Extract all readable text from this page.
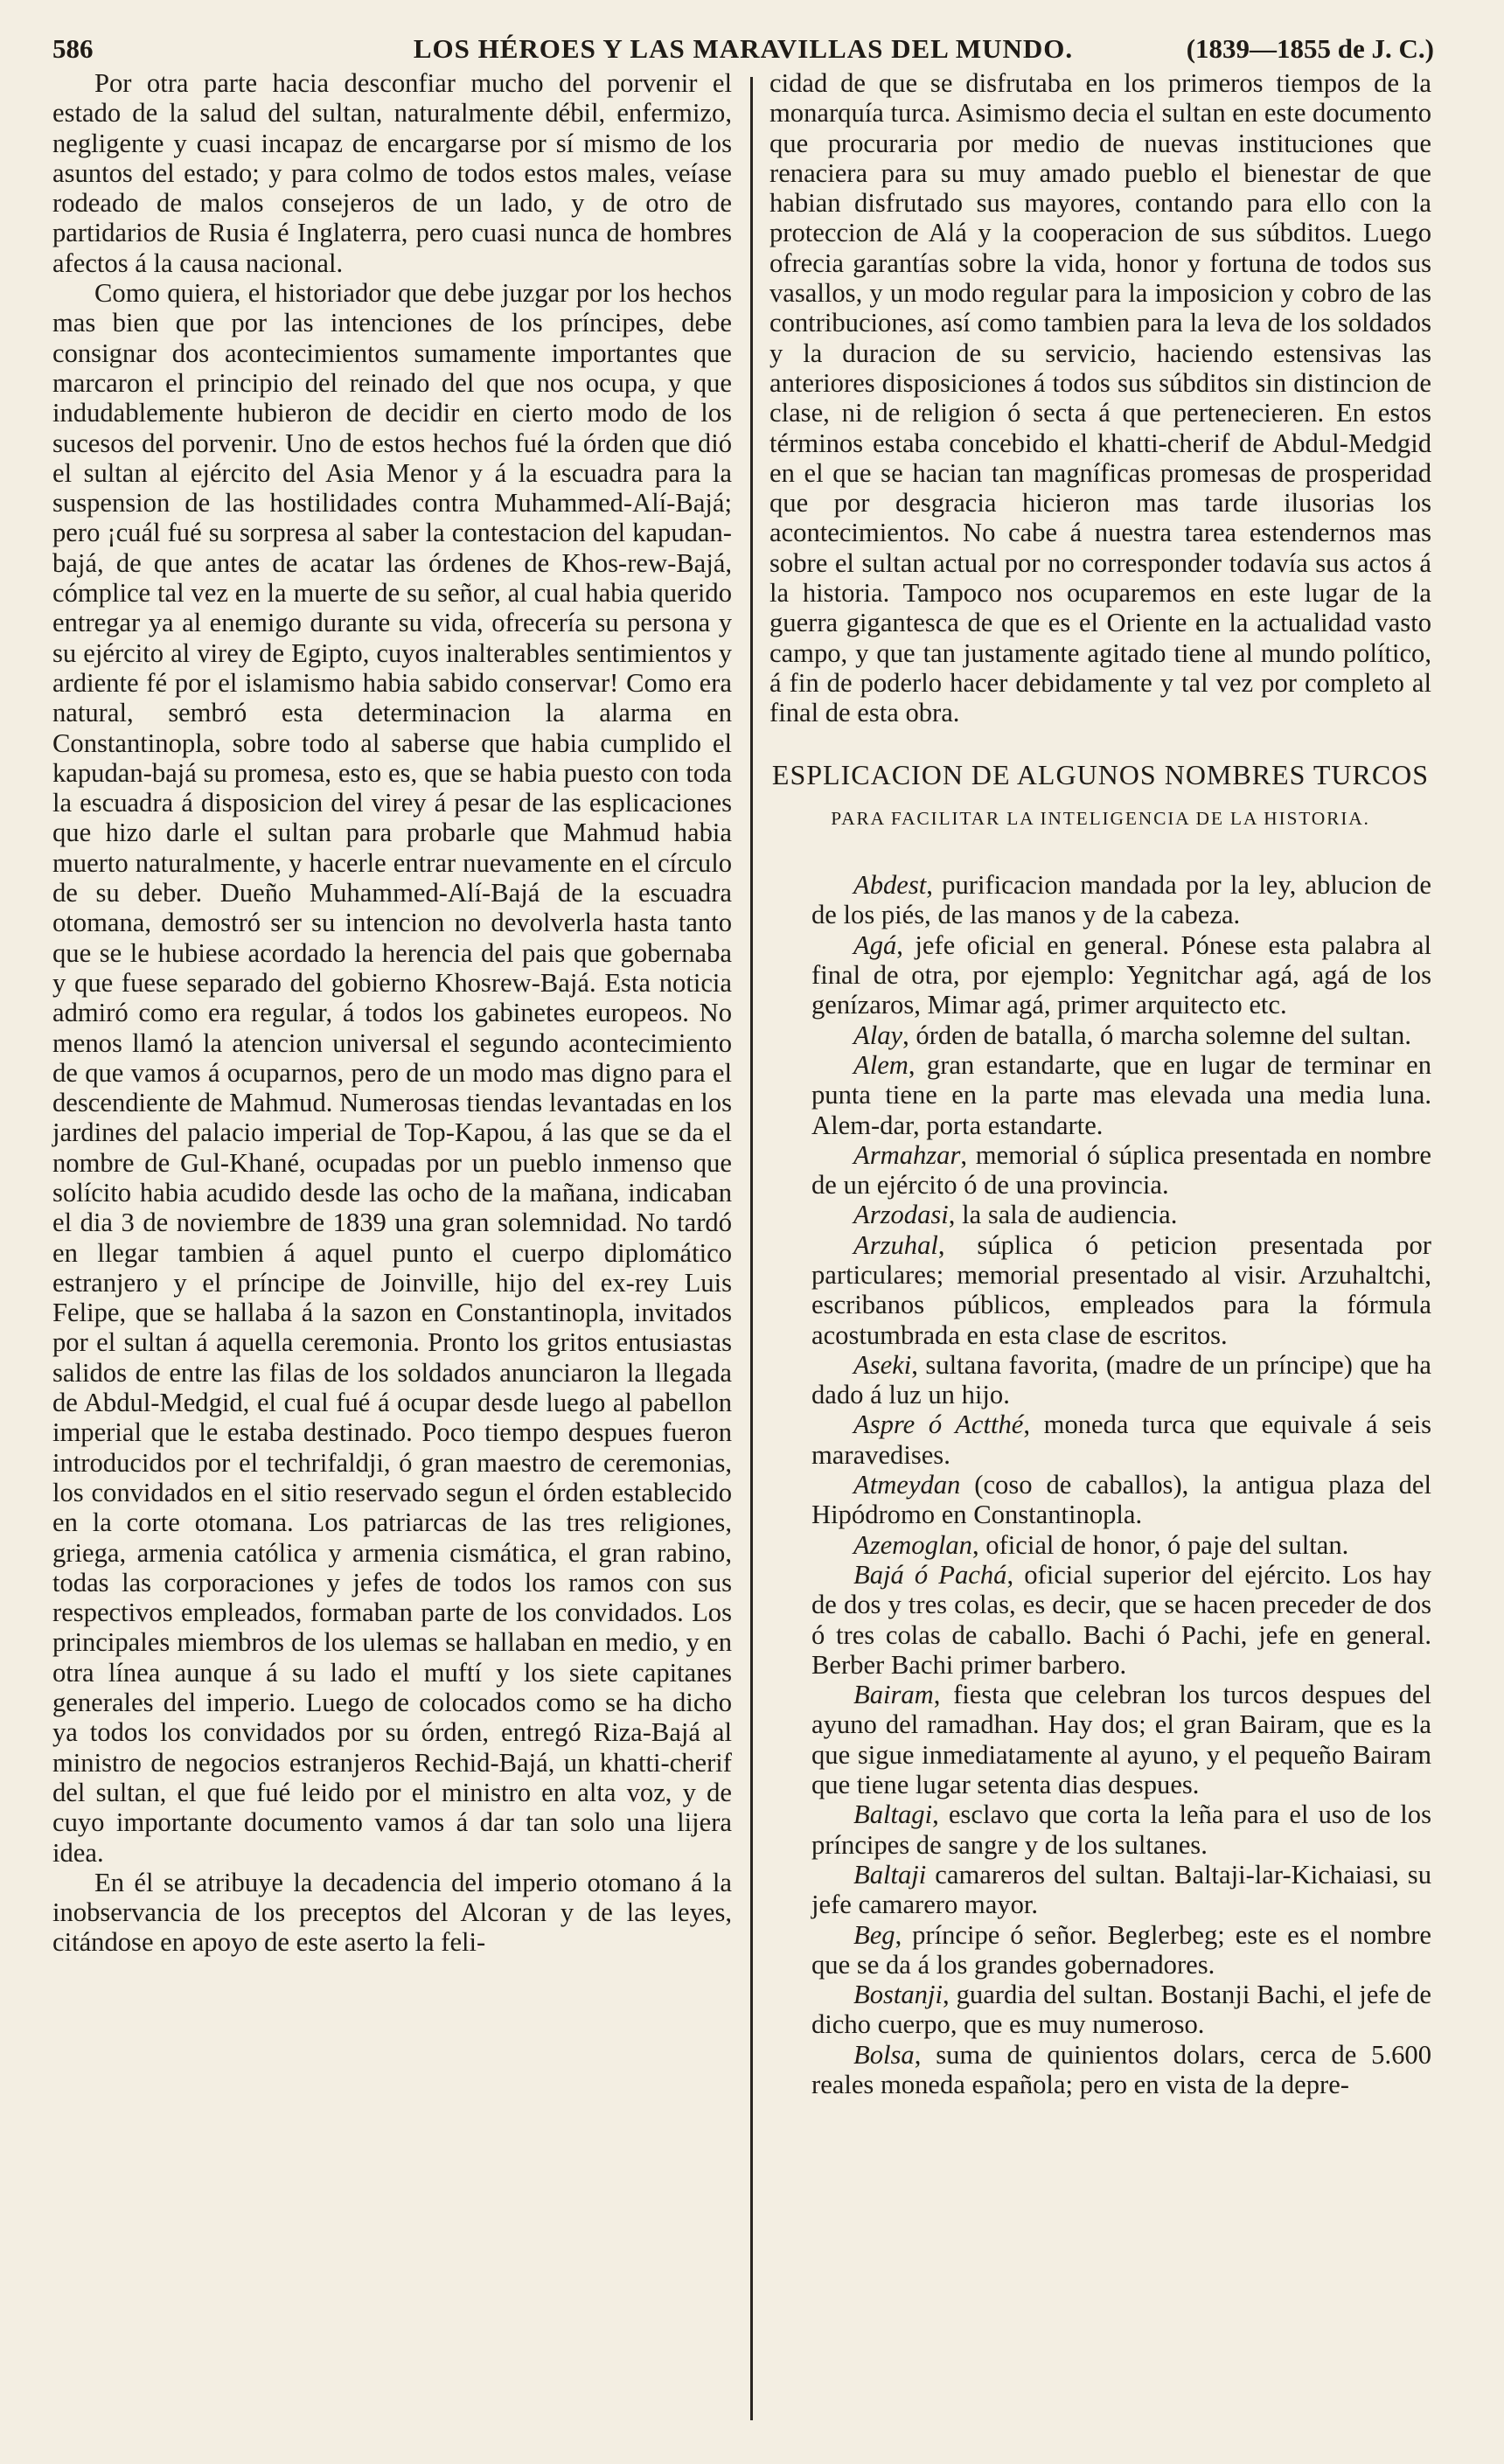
586	LOS HÉROES Y LAS MARAVILLAS DEL MUNDO.	(1839—1855 de J. C.)

Por otra parte hacia desconfiar mucho del porvenir el estado de la salud del sultan, naturalmente débil, enfermizo, negligente y cuasi incapaz de encargarse por sí mismo de los asuntos del estado; y para colmo de todos estos males, veíase rodeado de malos consejeros de un lado, y de otro de partidarios de Rusia é Inglaterra, pero cuasi nunca de hombres afectos á la causa nacional.

Como quiera, el historiador que debe juzgar por los hechos mas bien que por las intenciones de los príncipes, debe consignar dos acontecimientos sumamente importantes que marcaron el principio del reinado del que nos ocupa, y que indudablemente hubieron de decidir en cierto modo de los sucesos del porvenir. Uno de estos hechos fué la órden que dió el sultan al ejército del Asia Menor y á la escuadra para la suspension de las hostilidades contra Muhammed-Alí-Bajá; pero ¡cuál fué su sorpresa al saber la contestacion del kapudan-bajá, de que antes de acatar las órdenes de Khos-rew-Bajá, cómplice tal vez en la muerte de su señor, al cual habia querido entregar ya al enemigo durante su vida, ofrecería su persona y su ejército al virey de Egipto, cuyos inalterables sentimientos y ardiente fé por el islamismo habia sabido conservar! Como era natural, sembró esta determinacion la alarma en Constantinopla, sobre todo al saberse que habia cumplido el kapudan-bajá su promesa, esto es, que se habia puesto con toda la escuadra á disposicion del virey á pesar de las esplicaciones que hizo darle el sultan para probarle que Mahmud habia muerto naturalmente, y hacerle entrar nuevamente en el círculo de su deber. Dueño Muhammed-Alí-Bajá de la escuadra otomana, demostró ser su intencion no devolverla hasta tanto que se le hubiese acordado la herencia del pais que gobernaba y que fuese separado del gobierno Khosrew-Bajá. Esta noticia admiró como era regular, á todos los gabinetes europeos. No menos llamó la atencion universal el segundo acontecimiento de que vamos á ocuparnos, pero de un modo mas digno para el descendiente de Mahmud. Numerosas tiendas levantadas en los jardines del palacio imperial de Top-Kapou, á las que se da el nombre de Gul-Khané, ocupadas por un pueblo inmenso que solícito habia acudido desde las ocho de la mañana, indicaban el dia 3 de noviembre de 1839 una gran solemnidad. No tardó en llegar tambien á aquel punto el cuerpo diplomático estranjero y el príncipe de Joinville, hijo del ex-rey Luis Felipe, que se hallaba á la sazon en Constantinopla, invitados por el sultan á aquella ceremonia. Pronto los gritos entusiastas salidos de entre las filas de los soldados anunciaron la llegada de Abdul-Medgid, el cual fué á ocupar desde luego al pabellon imperial que le estaba destinado. Poco tiempo despues fueron introducidos por el techrifaldji, ó gran maestro de ceremonias, los convidados en el sitio reservado segun el órden establecido en la corte otomana. Los patriarcas de las tres religiones, griega, armenia católica y armenia cismática, el gran rabino, todas las corporaciones y jefes de todos los ramos con sus respectivos empleados, formaban parte de los convidados. Los principales miembros de los ulemas se hallaban en medio, y en otra línea aunque á su lado el muftí y los siete capitanes generales del imperio. Luego de colocados como se ha dicho ya todos los convidados por su órden, entregó Riza-Bajá al ministro de negocios estranjeros Rechid-Bajá, un khatti-cherif del sultan, el que fué leido por el ministro en alta voz, y de cuyo importante documento vamos á dar tan solo una lijera idea.

En él se atribuye la decadencia del imperio otomano á la inobservancia de los preceptos del Alcoran y de las leyes, citándose en apoyo de este aserto la feli-

cidad de que se disfrutaba en los primeros tiempos de la monarquía turca. Asimismo decia el sultan en este documento que procuraria por medio de nuevas instituciones que renaciera para su muy amado pueblo el bienestar de que habian disfrutado sus mayores, contando para ello con la proteccion de Alá y la cooperacion de sus súbditos. Luego ofrecia garantías sobre la vida, honor y fortuna de todos sus vasallos, y un modo regular para la imposicion y cobro de las contribuciones, así como tambien para la leva de los soldados y la duracion de su servicio, haciendo estensivas las anteriores disposiciones á todos sus súbditos sin distincion de clase, ni de religion ó secta á que pertenecieren. En estos términos estaba concebido el khatti-cherif de Abdul-Medgid en el que se hacian tan magníficas promesas de prosperidad que por desgracia hicieron mas tarde ilusorias los acontecimientos. No cabe á nuestra tarea estendernos mas sobre el sultan actual por no corresponder todavía sus actos á la historia. Tampoco nos ocuparemos en este lugar de la guerra gigantesca de que es el Oriente en la actualidad vasto campo, y que tan justamente agitado tiene al mundo político, á fin de poderlo hacer debidamente y tal vez por completo al final de esta obra.

ESPLICACION DE ALGUNOS NOMBRES TURCOS

PARA FACILITAR LA INTELIGENCIA DE LA HISTORIA.

Abdest, purificacion mandada por la ley, ablucion de de los piés, de las manos y de la cabeza.

Agá, jefe oficial en general. Pónese esta palabra al final de otra, por ejemplo: Yegnitchar agá, agá de los genízaros, Mimar agá, primer arquitecto etc.

Alay, órden de batalla, ó marcha solemne del sultan.

Alem, gran estandarte, que en lugar de terminar en punta tiene en la parte mas elevada una media luna. Alem-dar, porta estandarte.

Armahzar, memorial ó súplica presentada en nombre de un ejército ó de una provincia.

Arzodasi, la sala de audiencia.

Arzuhal, súplica ó peticion presentada por particulares; memorial presentado al visir. Arzuhaltchi, escribanos públicos, empleados para la fórmula acostumbrada en esta clase de escritos.

Aseki, sultana favorita, (madre de un príncipe) que ha dado á luz un hijo.

Aspre ó Actthé, moneda turca que equivale á seis maravedises.

Atmeydan (coso de caballos), la antigua plaza del Hipódromo en Constantinopla.

Azemoglan, oficial de honor, ó paje del sultan.

Bajá ó Pachá, oficial superior del ejército. Los hay de dos y tres colas, es decir, que se hacen preceder de dos ó tres colas de caballo. Bachi ó Pachi, jefe en general. Berber Bachi primer barbero.

Bairam, fiesta que celebran los turcos despues del ayuno del ramadhan. Hay dos; el gran Bairam, que es la que sigue inmediatamente al ayuno, y el pequeño Bairam que tiene lugar setenta dias despues.

Baltagi, esclavo que corta la leña para el uso de los príncipes de sangre y de los sultanes.

Baltaji camareros del sultan. Baltaji-lar-Kichaiasi, su jefe camarero mayor.

Beg, príncipe ó señor. Beglerbeg; este es el nombre que se da á los grandes gobernadores.

Bostanji, guardia del sultan. Bostanji Bachi, el jefe de dicho cuerpo, que es muy numeroso.

Bolsa, suma de quinientos dolars, cerca de 5.600 reales moneda española; pero en vista de la depre-
